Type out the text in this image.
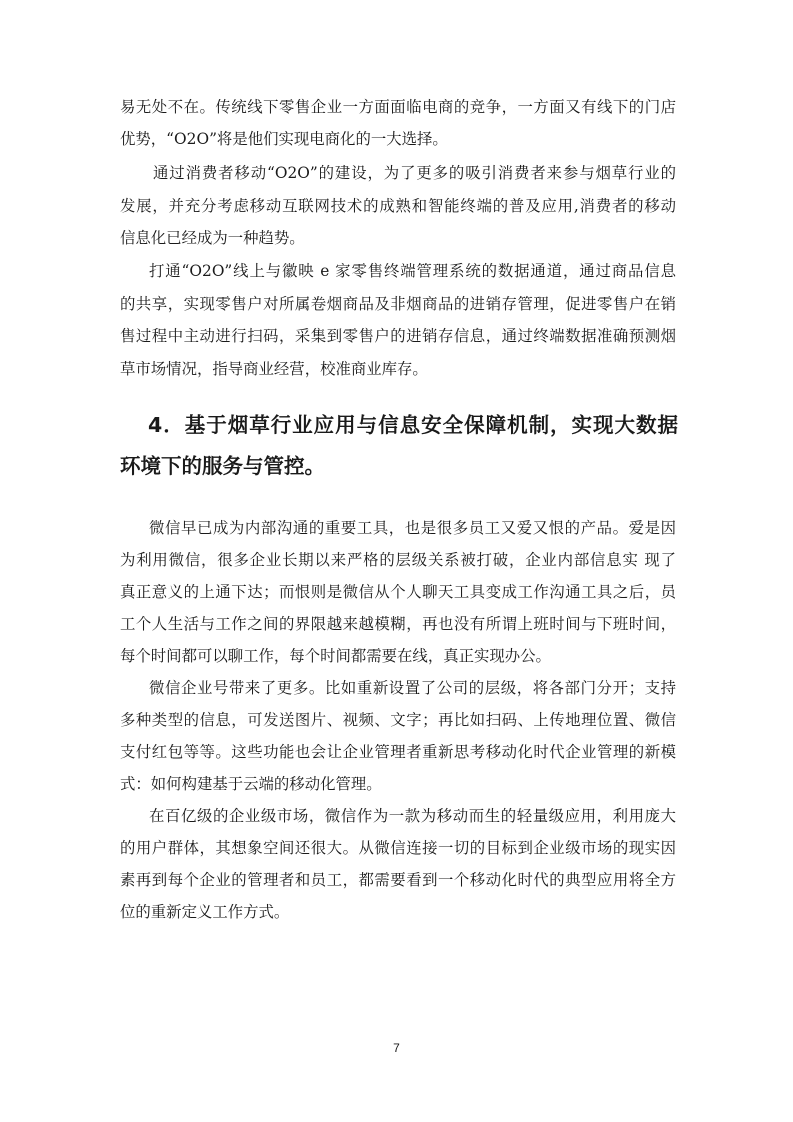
易无处不在。传统线下零售企业一方面面临电商的竞争，一方面又有线下的门店
优势，“O2O”将是他们实现电商化的一大选择。
通过消费者移动“O2O”的建设，为了更多的吸引消费者来参与烟草行业的
发展，并充分考虑移动互联网技术的成熟和智能终端的普及应用,消费者的移动
信息化已经成为一种趋势。
打通“O2O”线上与徽映 e 家零售终端管理系统的数据通道，通过商品信息
的共享，实现零售户对所属卷烟商品及非烟商品的进销存管理，促进零售户在销
售过程中主动进行扫码，采集到零售户的进销存信息，通过终端数据准确预测烟
草市场情况，指导商业经营，校准商业库存。
4．基于烟草行业应用与信息安全保障机制，实现大数据
环境下的服务与管控。
微信早已成为内部沟通的重要工具，也是很多员工又爱又恨的产品。爱是因
为利用微信，很多企业长期以来严格的层级关系被打破，企业内部信息实 现了
真正意义的上通下达；而恨则是微信从个人聊天工具变成工作沟通工具之后，员
工个人生活与工作之间的界限越来越模糊，再也没有所谓上班时间与下班时间，
每个时间都可以聊工作，每个时间都需要在线，真正实现办公。
微信企业号带来了更多。比如重新设置了公司的层级，将各部门分开；支持
多种类型的信息，可发送图片、视频、文字；再比如扫码、上传地理位置、微信
支付红包等等。这些功能也会让企业管理者重新思考移动化时代企业管理的新模
式：如何构建基于云端的移动化管理。
在百亿级的企业级市场，微信作为一款为移动而生的轻量级应用，利用庞大
的用户群体，其想象空间还很大。从微信连接一切的目标到企业级市场的现实因
素再到每个企业的管理者和员工，都需要看到一个移动化时代的典型应用将全方
位的重新定义工作方式。
7
